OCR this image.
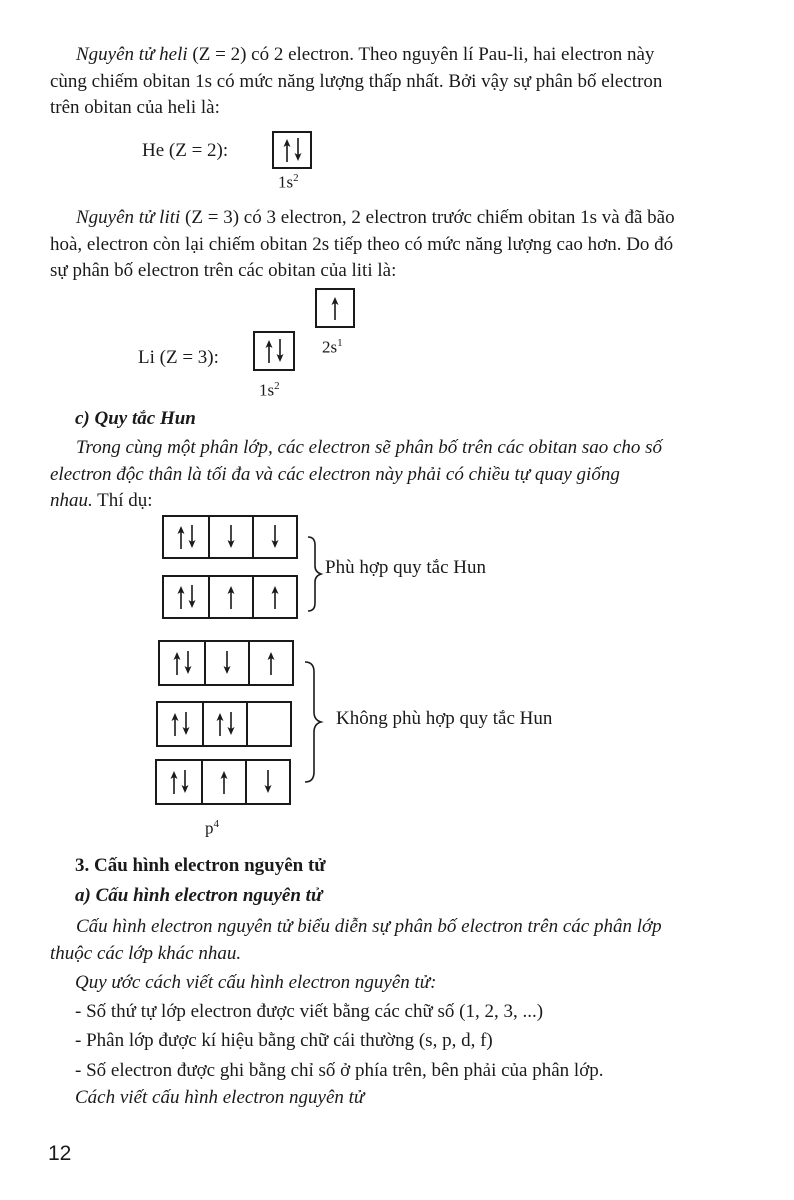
Nguyên tử heli (Z = 2) có 2 electron. Theo nguyên lí Pau-li, hai electron này
cùng chiếm obitan 1s có mức năng lượng thấp nhất. Bởi vậy sự phân bố electron
trên obitan của heli là:
He (Z = 2):
$1s^2$
Nguyên tử liti (Z = 3) có 3 electron, 2 electron trước chiếm obitan 1s và đã bão
hoà, electron còn lại chiếm obitan 2s tiếp theo có mức năng lượng cao hơn. Do đó
sự phân bố electron trên các obitan của liti là:
$2s^1$
Li (Z = 3):
$1s^2$
c) Quy tắc Hun
Trong cùng một phân lớp, các electron sẽ phân bố trên các obitan sao cho số
electron độc thân là tối đa và các electron này phải có chiều tự quay giống
nhau. Thí dụ:
Phù hợp quy tắc Hun
Không phù hợp quy tắc Hun
$p^4$
3. Cấu hình electron nguyên tử
a) Cấu hình electron nguyên tử
Cấu hình electron nguyên tử biểu diễn sự phân bố electron trên các phân lớp
thuộc các lớp khác nhau.
Quy ước cách viết cấu hình electron nguyên tử:
- Số thứ tự lớp electron được viết bằng các chữ số (1, 2, 3, ...)
- Phân lớp được kí hiệu bằng chữ cái thường (s, p, d, f)
- Số electron được ghi bằng chỉ số ở phía trên, bên phải của phân lớp.
Cách viết cấu hình electron nguyên tử
12
